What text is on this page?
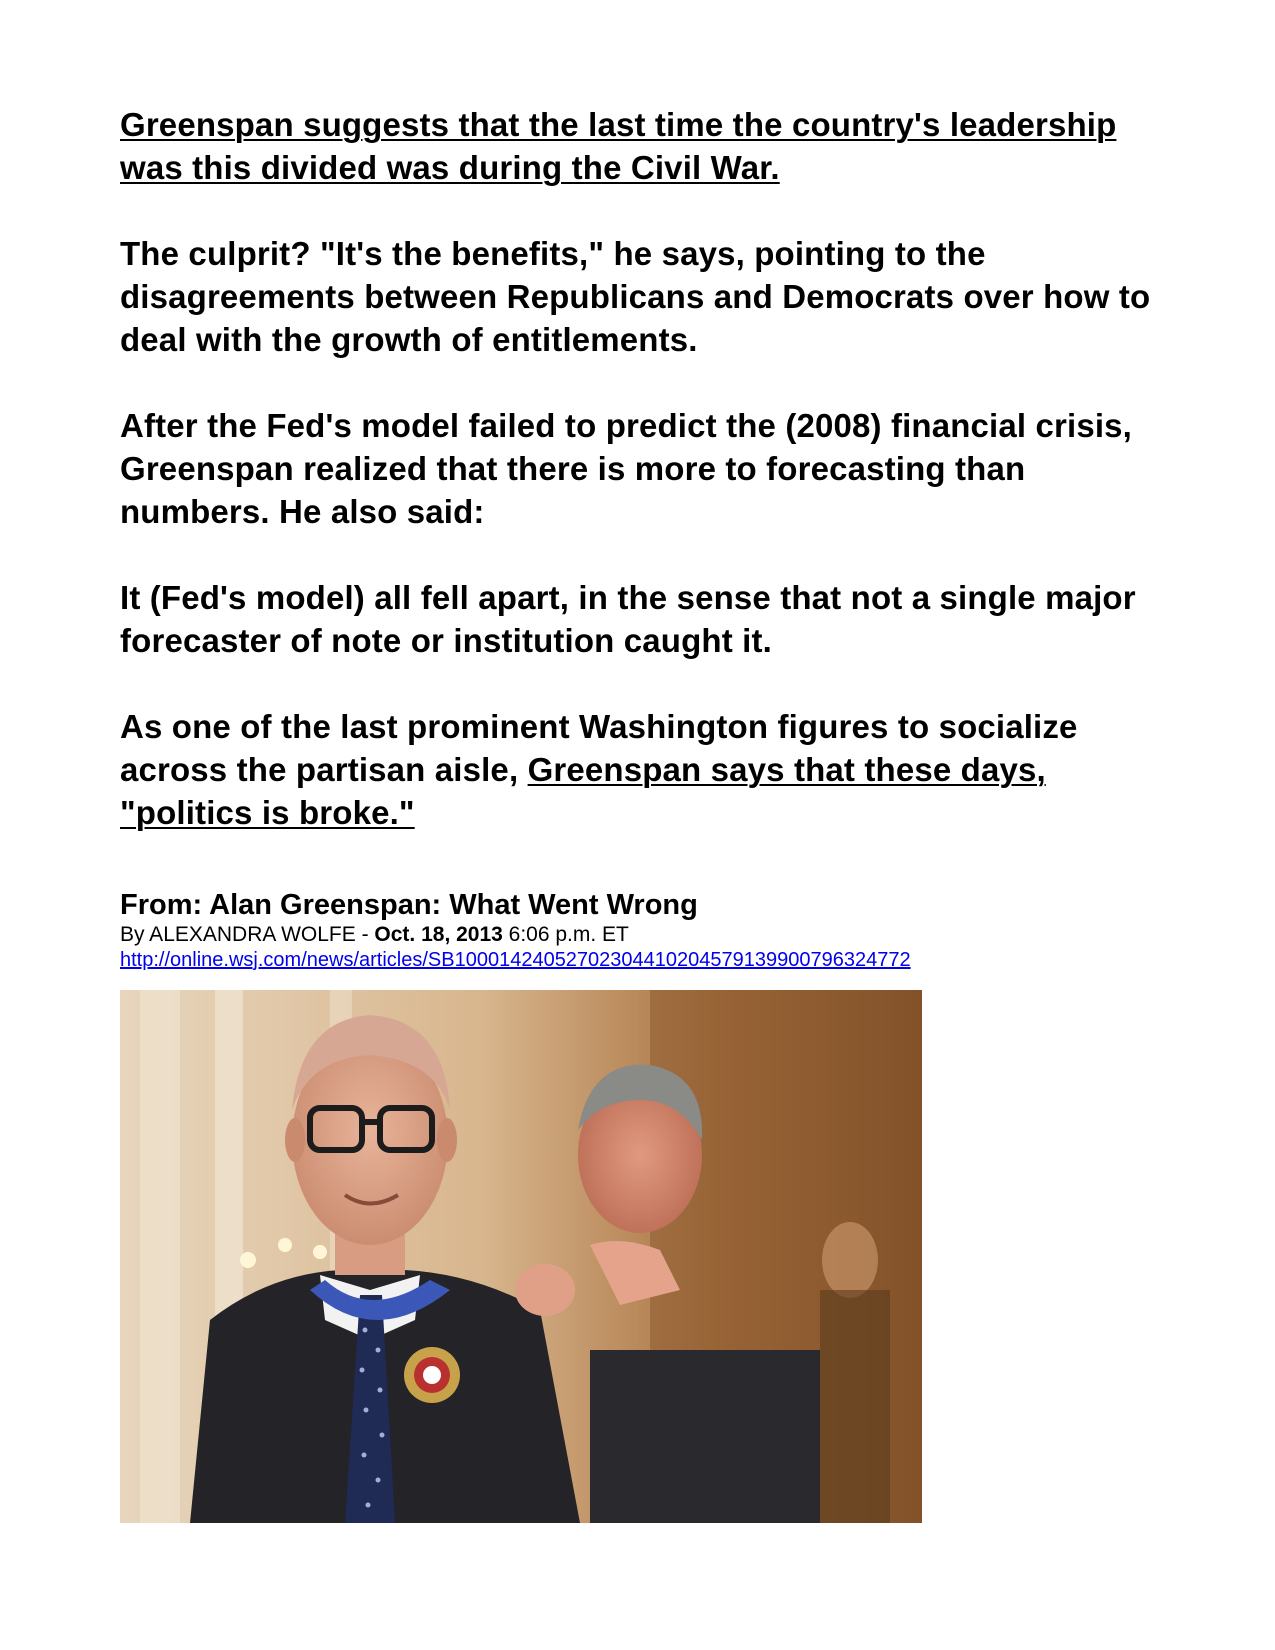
Greenspan suggests that the last time the country's leadership was this divided was during the Civil War.

The culprit? "It's the benefits," he says, pointing to the disagreements between Republicans and Democrats over how to deal with the growth of entitlements.

After the Fed's model failed to predict the (2008) financial crisis, Greenspan realized that there is more to forecasting than numbers. He also said:

It (Fed's model) all fell apart, in the sense that not a single major forecaster of note or institution caught it.

As one of the last prominent Washington figures to socialize across the partisan aisle, Greenspan says that these days, "politics is broke."

From: Alan Greenspan: What Went Wrong

By ALEXANDRA WOLFE - Oct. 18, 2013 6:06 p.m. ET

http://online.wsj.com/news/articles/SB10001424052702304410204579139900796324772
